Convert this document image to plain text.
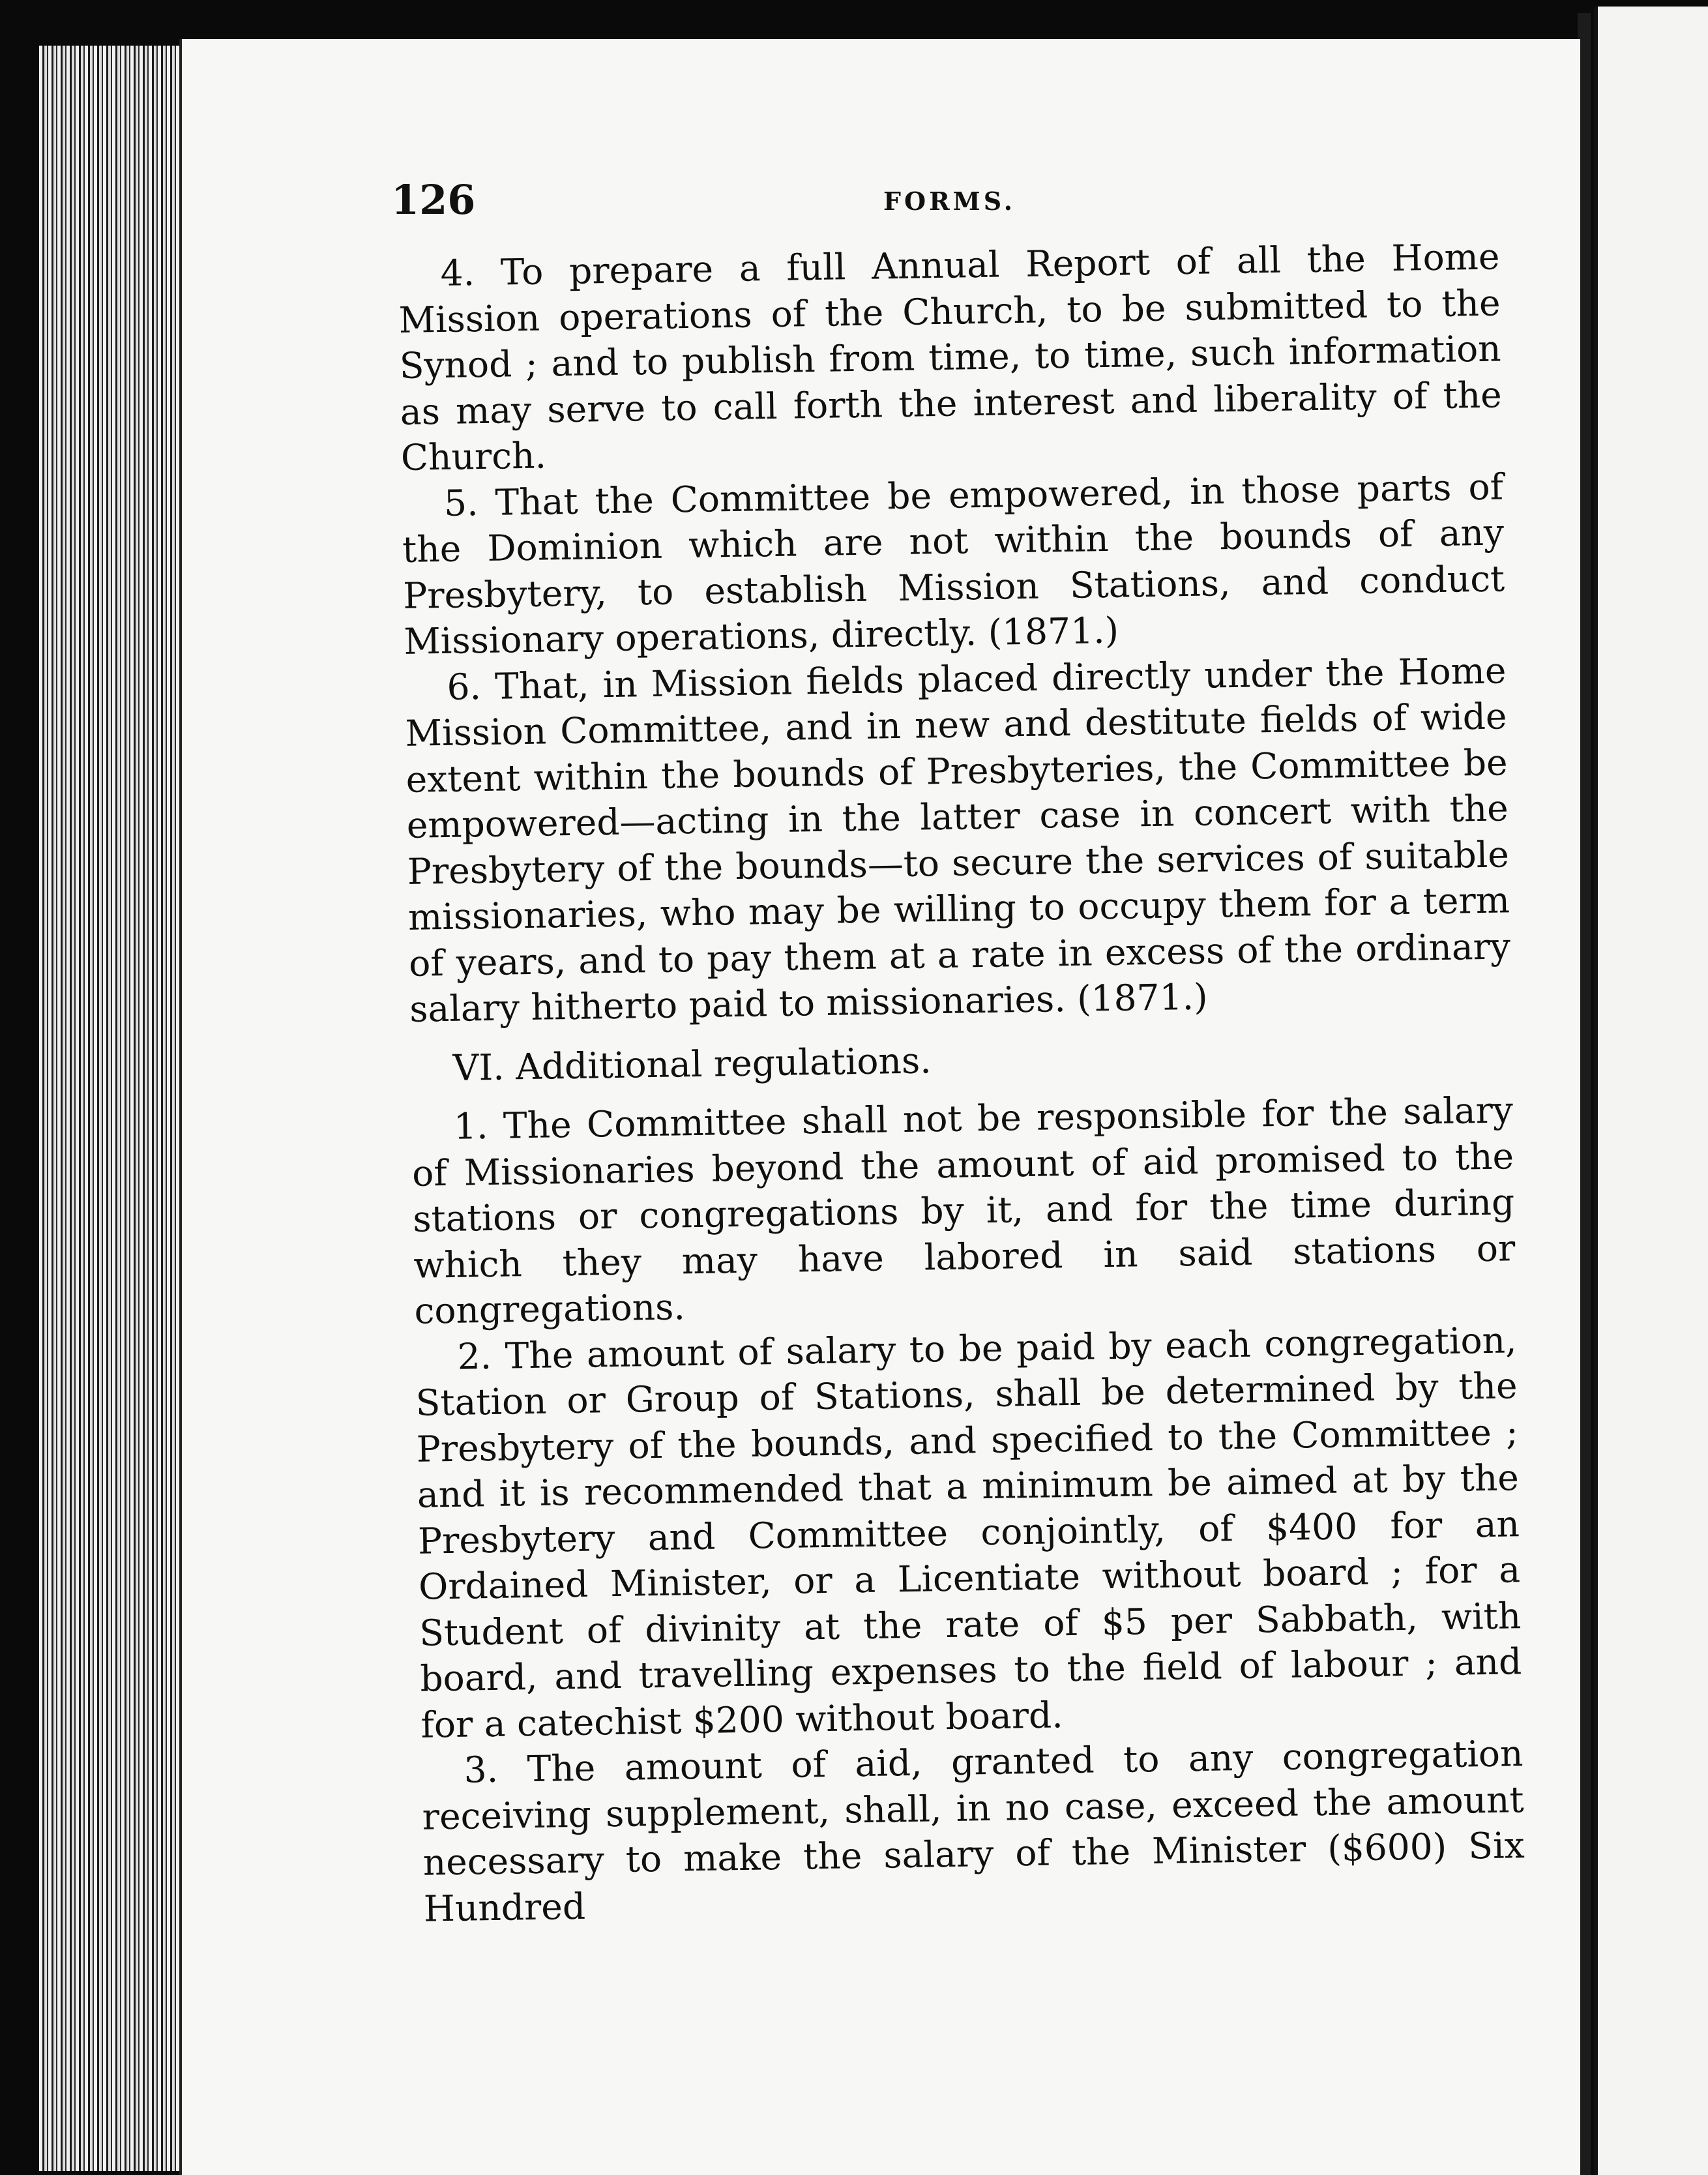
126	FORMS.

4. To prepare a full Annual Report of all the Home Mission operations of the Church, to be submitted to the Synod ; and to publish from time, to time, such information as may serve to call forth the interest and liberality of the Church.

5. That the Committee be empowered, in those parts of the Dominion which are not within the bounds of any Presbytery, to establish Mission Stations, and conduct Missionary operations, directly. (1871.)

6. That, in Mission fields placed directly under the Home Mission Committee, and in new and destitute fields of wide extent within the bounds of Presbyteries, the Committee be empowered—acting in the latter case in concert with the Presbytery of the bounds—to secure the services of suitable missionaries, who may be willing to occupy them for a term of years, and to pay them at a rate in excess of the ordinary salary hitherto paid to missionaries. (1871.)

VI. Additional regulations.

1. The Committee shall not be responsible for the salary of Missionaries beyond the amount of aid promised to the stations or congregations by it, and for the time during which they may have labored in said stations or congregations.

2. The amount of salary to be paid by each congregation, Station or Group of Stations, shall be determined by the Presbytery of the bounds, and specified to the Committee ; and it is recommended that a minimum be aimed at by the Presbytery and Committee conjointly, of $400 for an Ordained Minister, or a Licentiate without board ; for a Student of divinity at the rate of $5 per Sabbath, with board, and travelling expenses to the field of labour ; and for a catechist $200 without board.

3. The amount of aid, granted to any congregation receiving supplement, shall, in no case, exceed the amount necessary to make the salary of the Minister ($600) Six Hundred
